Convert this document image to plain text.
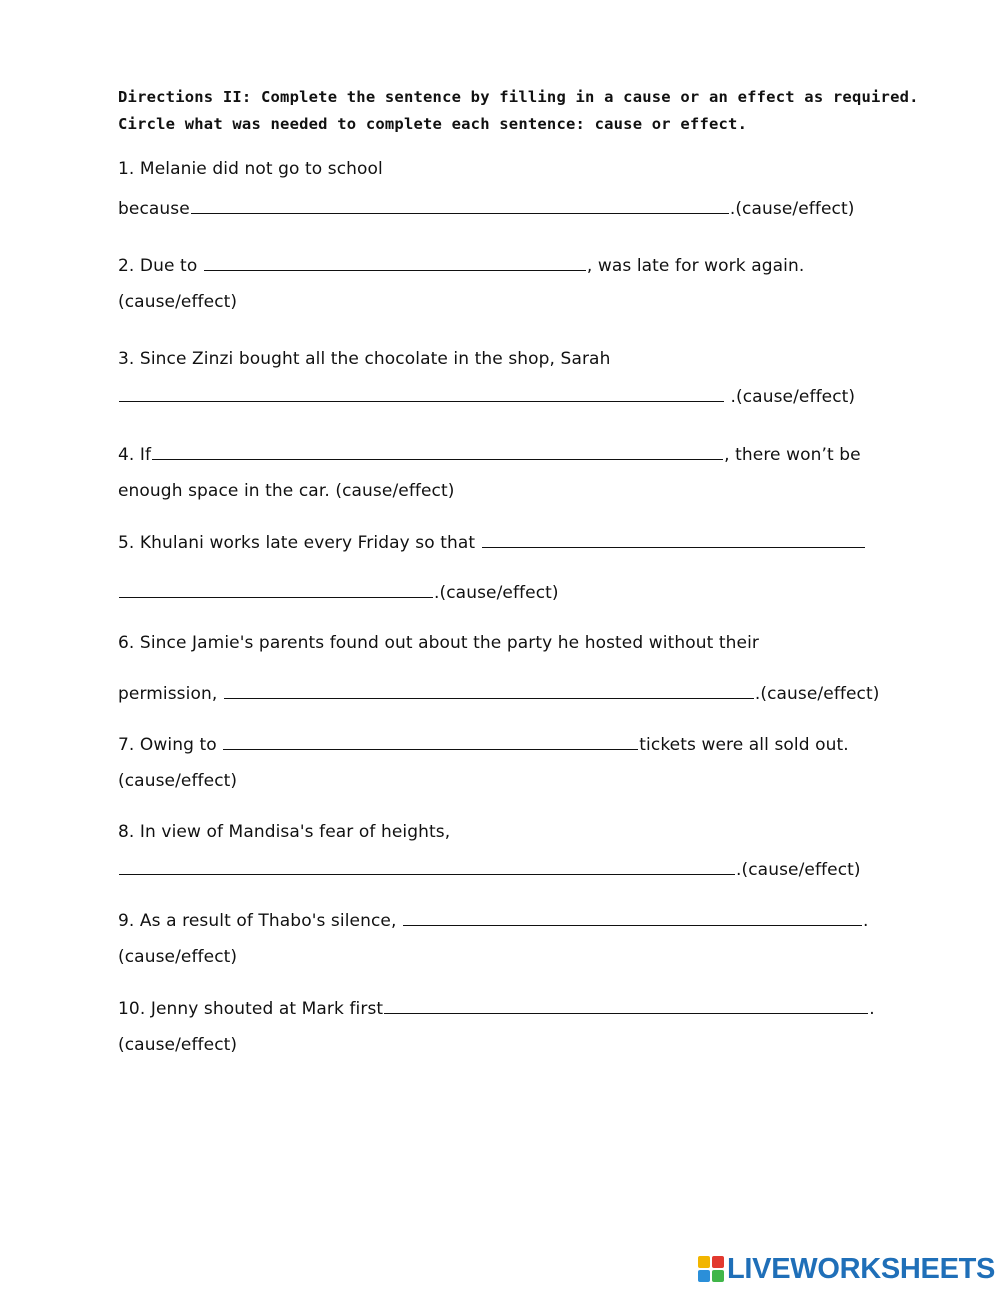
Directions II: Complete the sentence by filling in a cause or an effect as required.
Circle what was needed to complete each sentence: cause or effect.
1. Melanie did not go to school
because	.(cause/effect)
2. Due to	, was late for work again.
(cause/effect)
3. Since Zinzi bought all the chocolate in the shop, Sarah
.(cause/effect)
4. If	, there won’t be
enough space in the car. (cause/effect)
5. Khulani works late every Friday so that
.(cause/effect)
6. Since Jamie's parents found out about the party he hosted without their
permission,	.(cause/effect)
7. Owing to	tickets were all sold out.
(cause/effect)
8. In view of Mandisa's fear of heights,
.(cause/effect)
9. As a result of Thabo's silence,	.
(cause/effect)
10. Jenny shouted at Mark first	.
(cause/effect)
LIVEWORKSHEETS
